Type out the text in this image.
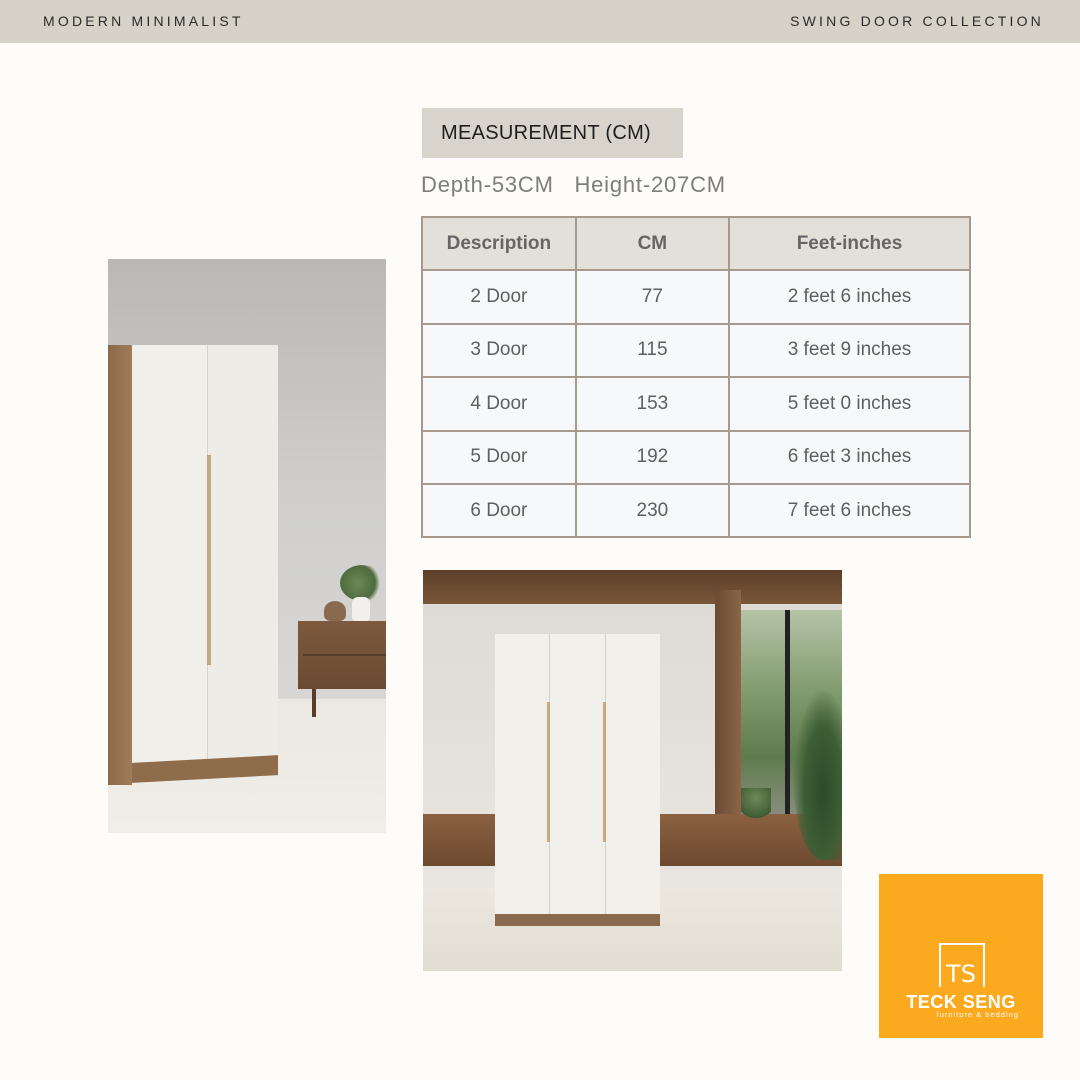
MODERN MINIMALIST	SWING DOOR COLLECTION
MEASUREMENT (CM)
Depth-53CM   Height-207CM
Description	CM	Feet-inches
2 Door	77	2 feet 6 inches
3 Door	115	3 feet 9 inches
4 Door	153	5 feet 0 inches
5 Door	192	6 feet 3 inches
6 Door	230	7 feet 6 inches
TS
TECK SENG
furniture & bedding
